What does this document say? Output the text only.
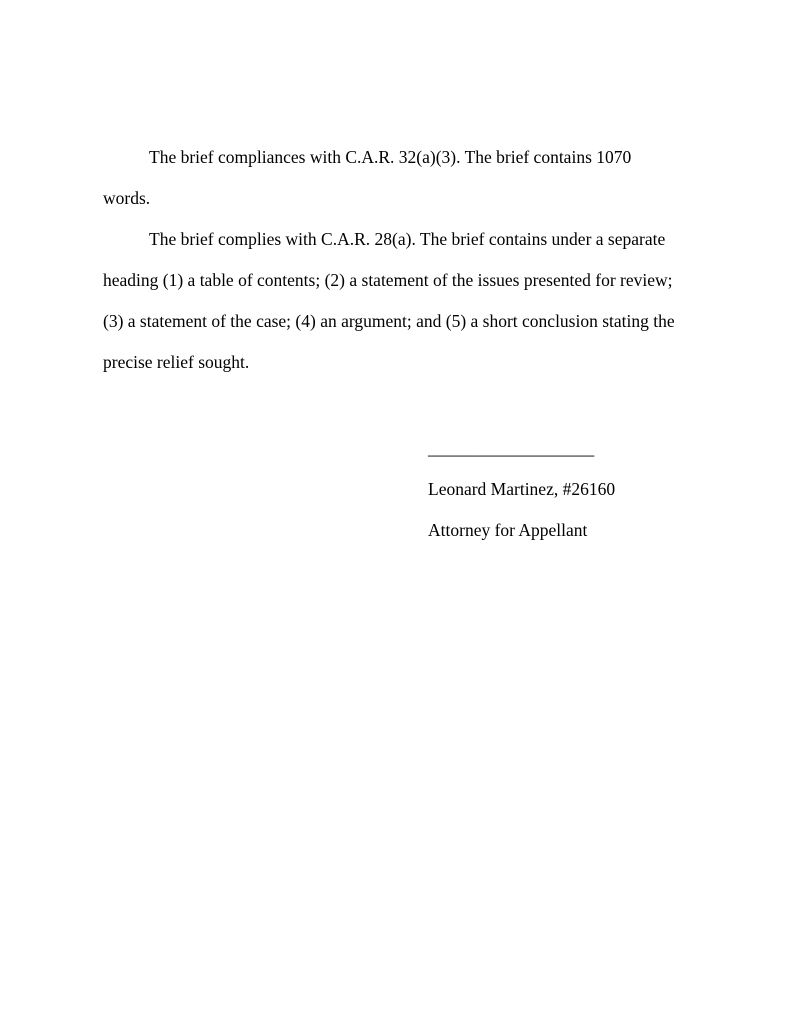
The brief compliances with C.A.R. 32(a)(3). The brief contains 1070
words.
The brief complies with C.A.R. 28(a). The brief contains under a separate
heading (1) a table of contents; (2) a statement of the issues presented for review;
(3) a statement of the case; (4) an argument; and (5) a short conclusion stating the
precise relief sought.
___________________
Leonard Martinez, #26160
Attorney for Appellant
